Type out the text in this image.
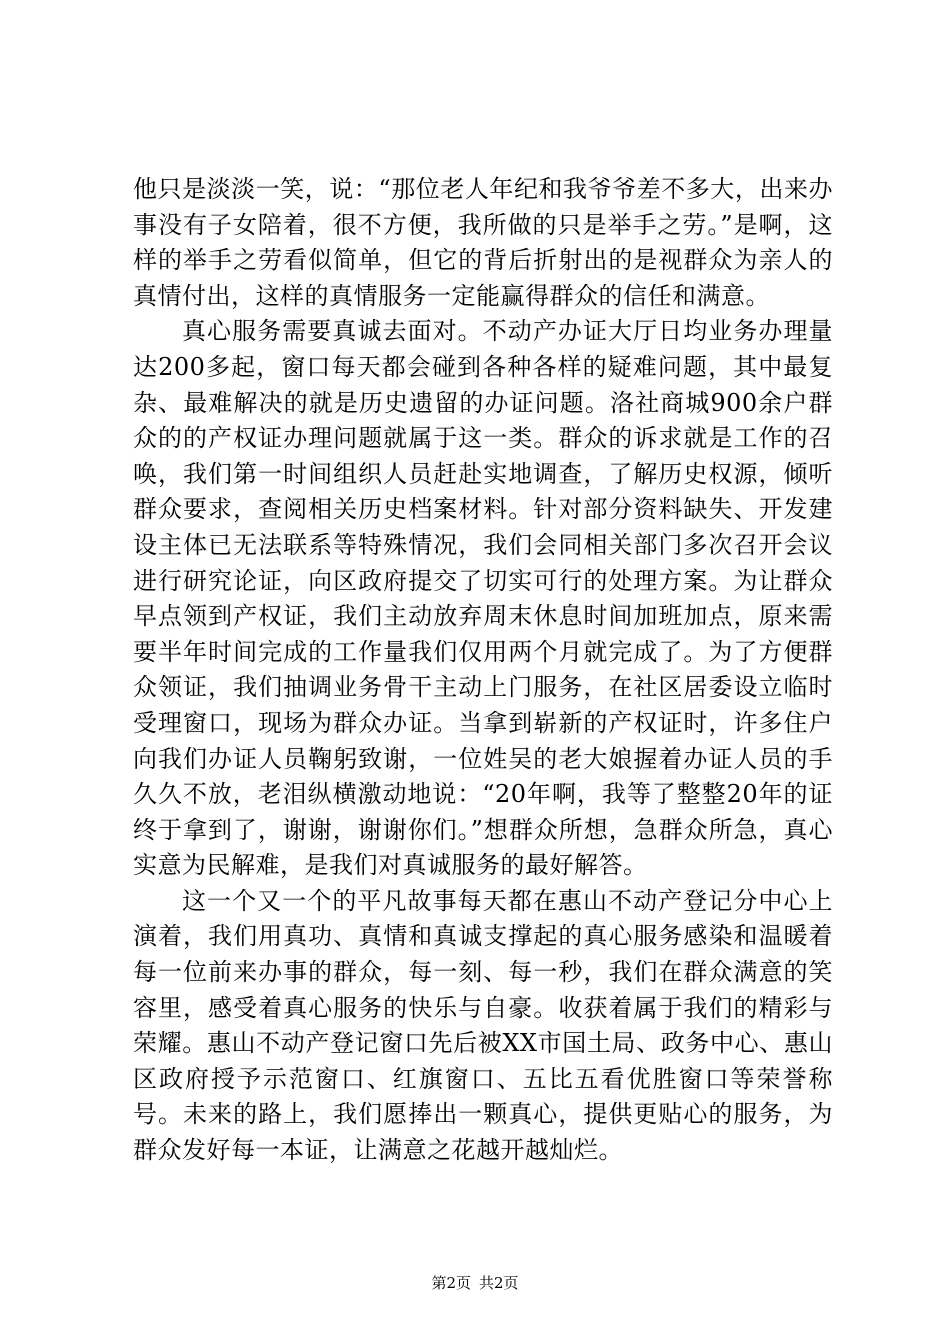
他只是淡淡一笑，说：“那位老人年纪和我爷爷差不多大，出来办事没有子女陪着，很不方便，我所做的只是举手之劳。”是啊，这样的举手之劳看似简单，但它的背后折射出的是视群众为亲人的真情付出，这样的真情服务一定能赢得群众的信任和满意。

真心服务需要真诚去面对。不动产办证大厅日均业务办理量达200多起，窗口每天都会碰到各种各样的疑难问题，其中最复杂、最难解决的就是历史遗留的办证问题。洛社商城900余户群众的的产权证办理问题就属于这一类。群众的诉求就是工作的召唤，我们第一时间组织人员赶赴实地调查，了解历史权源，倾听群众要求，查阅相关历史档案材料。针对部分资料缺失、开发建设主体已无法联系等特殊情况，我们会同相关部门多次召开会议进行研究论证，向区政府提交了切实可行的处理方案。为让群众早点领到产权证，我们主动放弃周末休息时间加班加点，原来需要半年时间完成的工作量我们仅用两个月就完成了。为了方便群众领证，我们抽调业务骨干主动上门服务，在社区居委设立临时受理窗口，现场为群众办证。当拿到崭新的产权证时，许多住户向我们办证人员鞠躬致谢，一位姓吴的老大娘握着办证人员的手久久不放，老泪纵横激动地说：“20年啊，我等了整整20年的证终于拿到了，谢谢，谢谢你们。”想群众所想，急群众所急，真心实意为民解难，是我们对真诚服务的最好解答。

这一个又一个的平凡故事每天都在惠山不动产登记分中心上演着，我们用真功、真情和真诚支撑起的真心服务感染和温暖着每一位前来办事的群众，每一刻、每一秒，我们在群众满意的笑容里，感受着真心服务的快乐与自豪。收获着属于我们的精彩与荣耀。惠山不动产登记窗口先后被XX市国土局、政务中心、惠山区政府授予示范窗口、红旗窗口、五比五看优胜窗口等荣誉称号。未来的路上，我们愿捧出一颗真心，提供更贴心的服务，为群众发好每一本证，让满意之花越开越灿烂。

第2页 共2页
